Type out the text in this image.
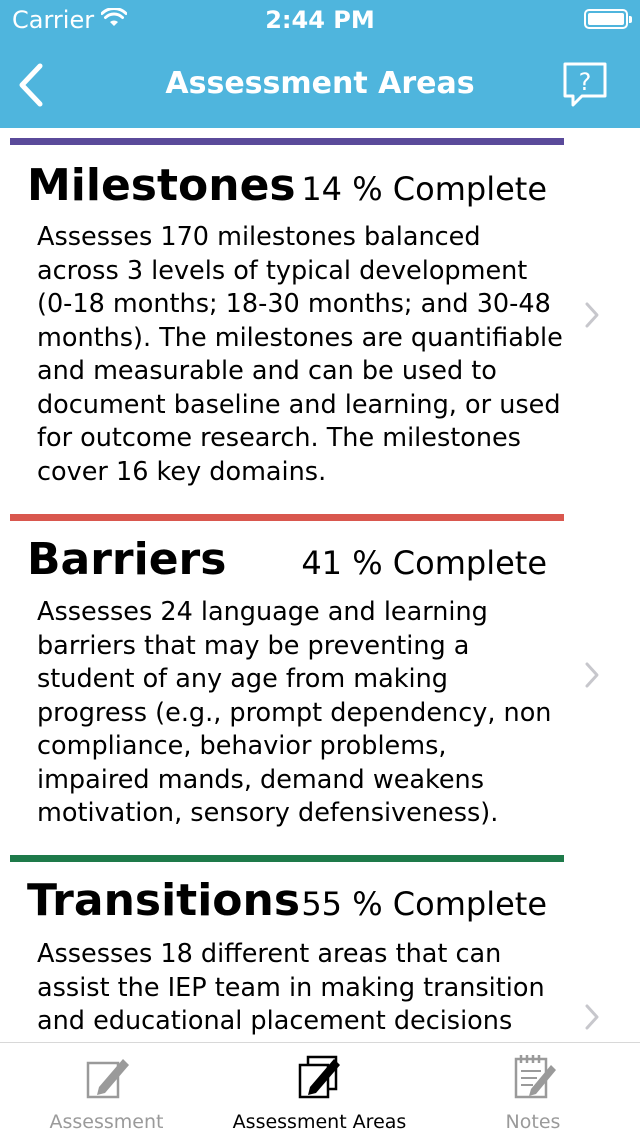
Carrier	2:44 PM
Assessment Areas	?
Milestones 14 % Complete
Assesses 170 milestones balanced across 3 levels of typical development (0-18 months; 18-30 months; and 30-48 months). The milestones are quantifiable and measurable and can be used to document baseline and learning, or used for outcome research. The milestones cover 16 key domains.
Barriers 41 % Complete
Assesses 24 language and learning barriers that may be preventing a student of any age from making progress (e.g., prompt dependency, non compliance, behavior problems, impaired mands, demand weakens motivation, sensory defensiveness).
Transitions 55 % Complete
Assesses 18 different areas that can assist the IEP team in making transition and educational placement decisions
Assessment	Assessment Areas	Notes
